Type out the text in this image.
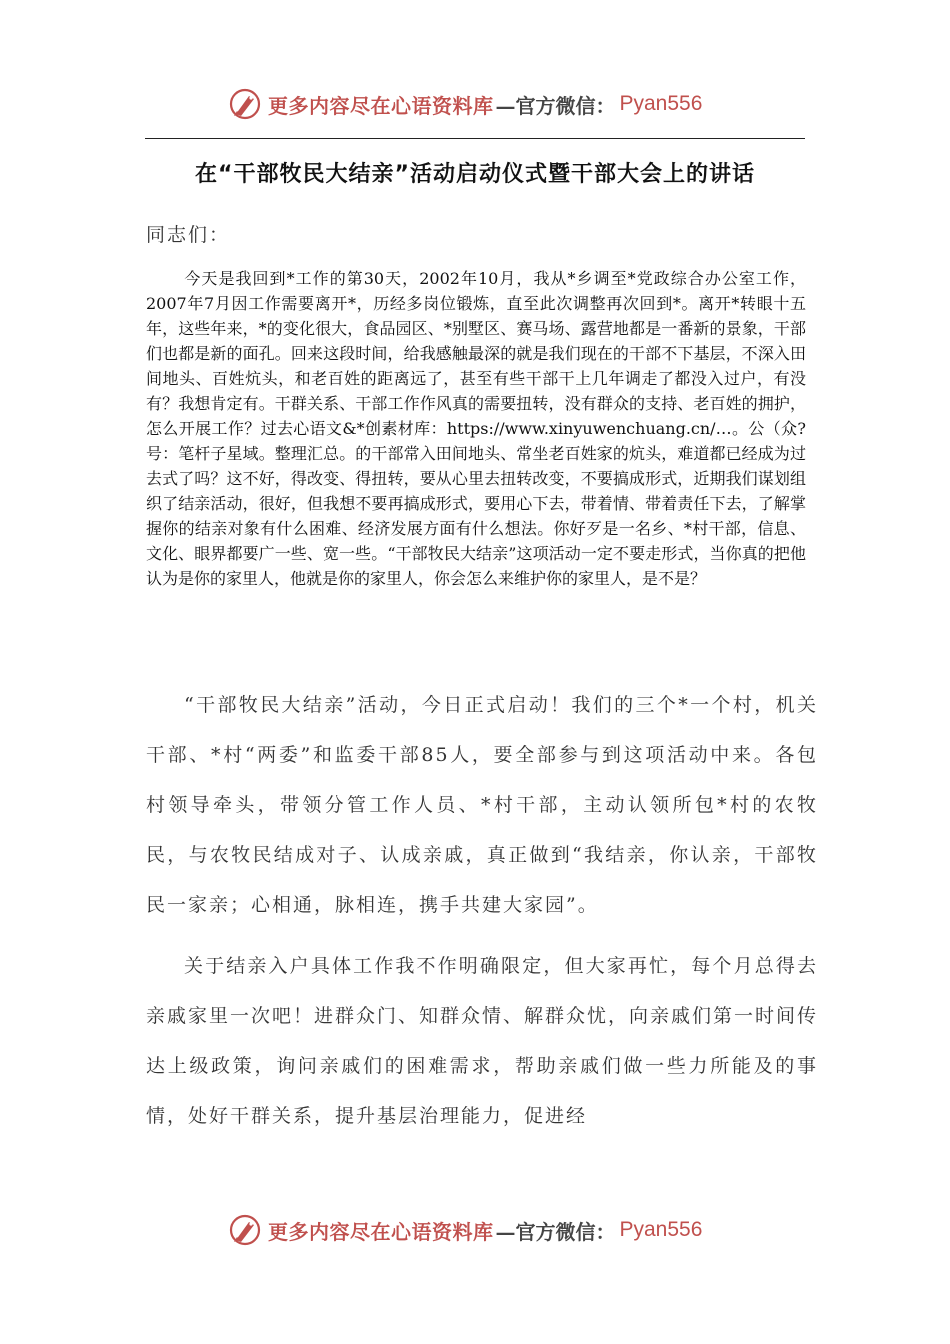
更多内容尽在心语资料库 —官方微信： Pyan556
在“干部牧民大结亲”活动启动仪式暨干部大会上的讲话
同志们：

今天是我回到*工作的第30天，2002年10月，我从*乡调至*党政综合办公室工作，2007年7月因工作需要离开*，历经多岗位锻炼，直至此次调整再次回到*。离开*转眼十五年，这些年来，*的变化很大，食品园区、*别墅区、赛马场、露营地都是一番新的景象，干部们也都是新的面孔。回来这段时间，给我感触最深的就是我们现在的干部不下基层，不深入田间地头、百姓炕头，和老百姓的距离远了，甚至有些干部干上几年调走了都没入过户，有没有？我想肯定有。干群关系、干部工作作风真的需要扭转，没有群众的支持、老百姓的拥护，怎么开展工作？过去心语文&*创素材库：https://www.xinyuwenchuang.cn/…。公（众?号：笔杆子星域。整理汇总。的干部常入田间地头、常坐老百姓家的炕头，难道都已经成为过去式了吗？这不好，得改变、得扭转，要从心里去扭转改变，不要搞成形式，近期我们谋划组织了结亲活动，很好，但我想不要再搞成形式，要用心下去，带着情、带着责任下去，了解掌握你的结亲对象有什么困难、经济发展方面有什么想法。你好歹是一名乡、*村干部，信息、文化、眼界都要广一些、宽一些。“干部牧民大结亲”这项活动一定不要走形式，当你真的把他认为是你的家里人，他就是你的家里人，你会怎么来维护你的家里人，是不是？

“干部牧民大结亲”活动，今日正式启动！我们的三个*一个村，机关干部、*村“两委”和监委干部85人，要全部参与到这项活动中来。各包村领导牵头，带领分管工作人员、*村干部，主动认领所包*村的农牧民，与农牧民结成对子、认成亲戚，真正做到“我结亲，你认亲，干部牧民一家亲；心相通，脉相连，携手共建大家园”。

关于结亲入户具体工作我不作明确限定，但大家再忙，每个月总得去亲戚家里一次吧！进群众门、知群众情、解群众忧，向亲戚们第一时间传达上级政策，询问亲戚们的困难需求，帮助亲戚们做一些力所能及的事情，处好干群关系，提升基层治理能力，促进经

更多内容尽在心语资料库 —官方微信： Pyan556
